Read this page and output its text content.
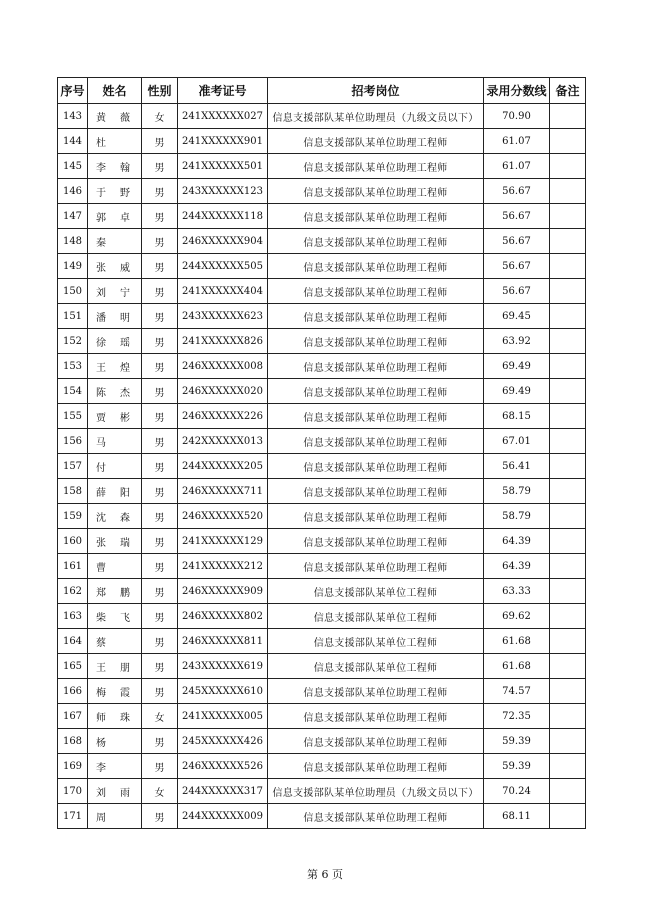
序号	姓名	性别	准考证号	招考岗位	录用分数线	备注
143	黄 薇	女	241XXXXXX027	信息支援部队某单位助理员（九级文员以下）	70.90	
144	杜	男	241XXXXXX901	信息支援部队某单位助理工程师	61.07	
145	李 翰	男	241XXXXXX501	信息支援部队某单位助理工程师	61.07	
146	于 野	男	243XXXXXX123	信息支援部队某单位助理工程师	56.67	
147	郭 卓	男	244XXXXXX118	信息支援部队某单位助理工程师	56.67	
148	秦	男	246XXXXXX904	信息支援部队某单位助理工程师	56.67	
149	张 威	男	244XXXXXX505	信息支援部队某单位助理工程师	56.67	
150	刘 宁	男	241XXXXXX404	信息支援部队某单位助理工程师	56.67	
151	潘 明	男	243XXXXXX623	信息支援部队某单位助理工程师	69.45	
152	徐 瑶	男	241XXXXXX826	信息支援部队某单位助理工程师	63.92	
153	王 煌	男	246XXXXXX008	信息支援部队某单位助理工程师	69.49	
154	陈 杰	男	246XXXXXX020	信息支援部队某单位助理工程师	69.49	
155	贾 彬	男	246XXXXXX226	信息支援部队某单位助理工程师	68.15	
156	马	男	242XXXXXX013	信息支援部队某单位助理工程师	67.01	
157	付	男	244XXXXXX205	信息支援部队某单位助理工程师	56.41	
158	薛 阳	男	246XXXXXX711	信息支援部队某单位助理工程师	58.79	
159	沈 森	男	246XXXXXX520	信息支援部队某单位助理工程师	58.79	
160	张 瑞	男	241XXXXXX129	信息支援部队某单位助理工程师	64.39	
161	曹	男	241XXXXXX212	信息支援部队某单位助理工程师	64.39	
162	郑 鹏	男	246XXXXXX909	信息支援部队某单位工程师	63.33	
163	柴 飞	男	246XXXXXX802	信息支援部队某单位工程师	69.62	
164	蔡	男	246XXXXXX811	信息支援部队某单位工程师	61.68	
165	王 朋	男	243XXXXXX619	信息支援部队某单位工程师	61.68	
166	梅 霞	男	245XXXXXX610	信息支援部队某单位助理工程师	74.57	
167	师 珠	女	241XXXXXX005	信息支援部队某单位助理工程师	72.35	
168	杨	男	245XXXXXX426	信息支援部队某单位助理工程师	59.39	
169	李	男	246XXXXXX526	信息支援部队某单位助理工程师	59.39	
170	刘 雨	女	244XXXXXX317	信息支援部队某单位助理员（九级文员以下）	70.24	
171	周	男	244XXXXXX009	信息支援部队某单位助理工程师	68.11	
第 6 页
